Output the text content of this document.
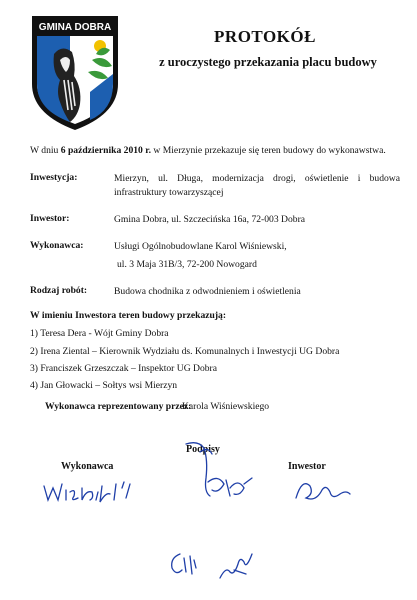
GMINA DOBRA	PROTOKÓŁ
z uroczystego przekazania placu budowy
W dniu 6 października 2010 r. w Mierzynie przekazuje się teren budowy do wykonawstwa.
Inwestycja:	Mierzyn, ul. Długa, modernizacja drogi, oświetlenie i budowa infrastruktury towarzyszącej
Inwestor:	Gmina Dobra, ul. Szczecińska 16a, 72-003 Dobra
Wykonawca:	Usługi Ogólnobudowlane Karol Wiśniewski,
ul. 3 Maja 31B/3, 72-200 Nowogard
Rodzaj robót:	Budowa chodnika z odwodnieniem i oświetlenia
W imieniu Inwestora teren budowy przekazują:
1) Teresa Dera - Wójt Gminy Dobra
2) Irena Ziental – Kierownik Wydziału ds. Komunalnych i Inwestycji UG Dobra
3) Franciszek Grzeszczak – Inspektor UG Dobra
4) Jan Głowacki – Sołtys wsi Mierzyn
Wykonawca reprezentowany przez:
Karola Wiśniewskiego
Podpisy
Wykonawca	Inwestor
